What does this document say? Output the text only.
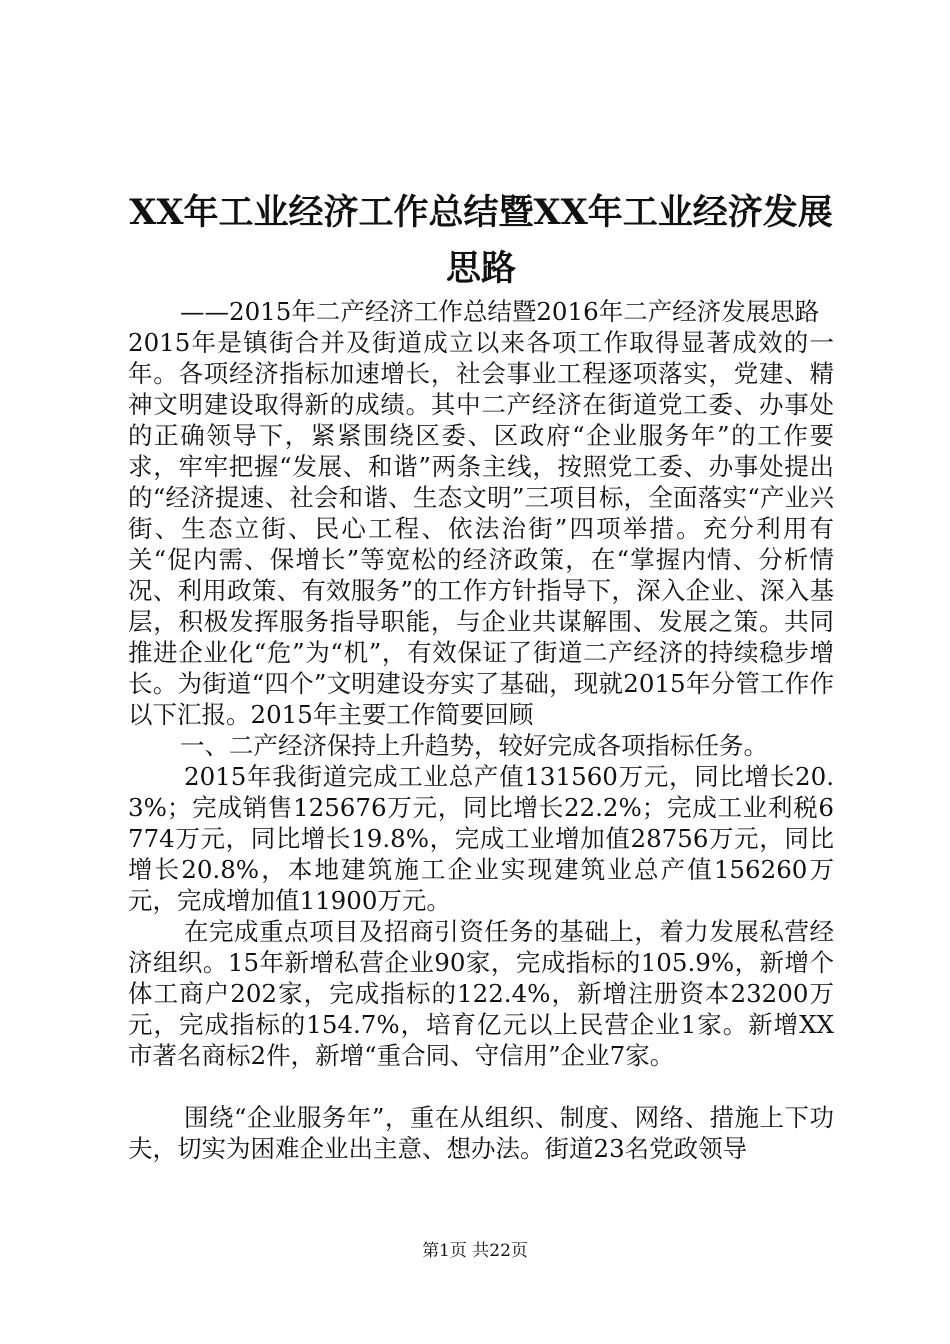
XX年工业经济工作总结暨XX年工业经济发展
思路

——2015年二产经济工作总结暨2016年二产经济发展思路

2015年是镇街合并及街道成立以来各项工作取得显著成效的一年。各项经济指标加速增长，社会事业工程逐项落实，党建、精神文明建设取得新的成绩。其中二产经济在街道党工委、办事处的正确领导下，紧紧围绕区委、区政府“企业服务年”的工作要求，牢牢把握“发展、和谐”两条主线，按照党工委、办事处提出的“经济提速、社会和谐、生态文明”三项目标，全面落实“产业兴街、生态立街、民心工程、依法治街”四项举措。充分利用有关“促内需、保增长”等宽松的经济政策，在“掌握内情、分析情况、利用政策、有效服务”的工作方针指导下，深入企业、深入基层，积极发挥服务指导职能，与企业共谋解围、发展之策。共同推进企业化“危”为“机”，有效保证了街道二产经济的持续稳步增长。为街道“四个”文明建设夯实了基础，现就2015年分管工作作以下汇报。2015年主要工作简要回顾

一、二产经济保持上升趋势，较好完成各项指标任务。

2015年我街道完成工业总产值131560万元，同比增长20.3%；完成销售125676万元，同比增长22.2%；完成工业利税6774万元，同比增长19.8%，完成工业增加值28756万元，同比增长20.8%，本地建筑施工企业实现建筑业总产值156260万元，完成增加值11900万元。

在完成重点项目及招商引资任务的基础上，着力发展私营经济组织。15年新增私营企业90家，完成指标的105.9%，新增个体工商户202家，完成指标的122.4%，新增注册资本23200万元，完成指标的154.7%，培育亿元以上民营企业1家。新增XX市著名商标2件，新增“重合同、守信用”企业7家。

围绕“企业服务年”，重在从组织、制度、网络、措施上下功夫，切实为困难企业出主意、想办法。街道23名党政领导

第1页 共22页
